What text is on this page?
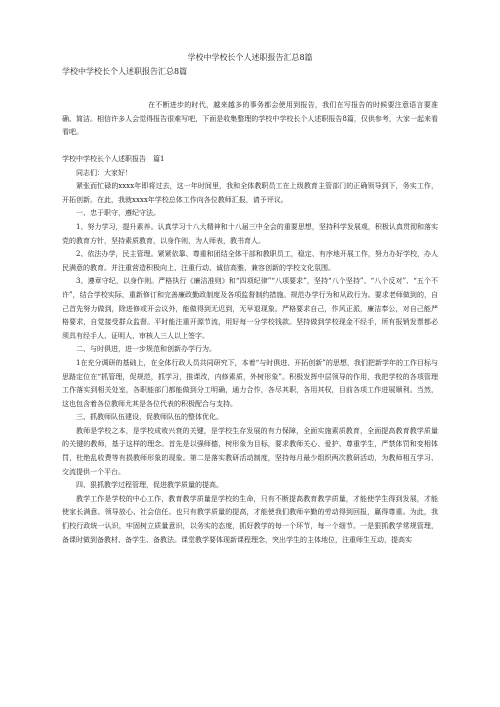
学校中学校长个人述职报告汇总8篇
学校中学校长个人述职报告汇总8篇

在不断进步的时代，越来越多的事务都会使用到报告，我们在写报告的时候要注意语言要准确、简洁。相信许多人会觉得报告很难写吧，下面是收集整理的学校中学校长个人述职报告8篇，仅供参考，大家一起来看看吧。

学校中学校长个人述职报告　篇1

同志们：大家好！

紧张而忙碌的xxxx年即将过去，这一年时间里，我和全体教职员工在上级教育主管部门的正确领导到下，务实工作，开拓创新。在此，我就xxxx年学校总体工作向各位教师汇报，请予评议。

一、忠于职守，遵纪守法。

1、努力学习，提升素养。认真学习十八大精神和十八届三中全会的重要思想，坚持科学发展观，积极认真贯彻和落实党的教育方针，坚持素质教育，以身作则，为人师表，教书育人。

2、依法办学，民主管理。紧紧依靠、尊重和团结全体干部和教职员工，稳定、有序地开展工作，努力办好学校，办人民满意的教育。并注重营造积极向上、注重行动、诚信高雅、兼容创新的学校文化氛围。

3、遵章守纪，以身作则。严格执行《廉洁准则》和“四项纪律”“八项要求”，坚持“八个坚持”、“八个反对”、“五个不许”，结合学校实际，重新修订和完善廉政勤政制度及各项监督制约措施。规范办学行为和从政行为。要求老师做到的，自己首先努力做到，除进修或开会议外，能做得到无迟到，无早退现象。严格要求自己，作风正派，廉洁奉公，对自己能严格要求，自觉接受群众监督。平时能注重开源节流，用好每一分学校钱款。坚持做到学校现金不经手，所有报销发票都必须具有经手人、证明人、审核人三人以上签字。

二、与时俱进，进一步规范和创新办学行为。

1在充分调研的基础上，在全体行政人员共同研究下，本着“与时俱进、开拓创新”的思想，我们把新学年的工作目标与思路定位在“抓管理，促规范，抓学习，推课改，内修素质，外树形象”。积极发挥中层领导的作用，我把学校的各项管理工作落实到相关处室，各职能部门都能做到分工明确，通力合作，各尽其职，各用其权，目前各项工作进展顺利。当然，这也包含着各位教师尤其是各位代表的积极配合与支持。

三、抓教师队伍建设，促教师队伍的整体优化。

教师是学校之本，是学校成败兴衰的关键，是学校生存发展的有力保障，全面实施素质教育，全面提高教育教学质量的关键的教师，基于这样的理念。首先是以强师德，树形象为目标，要求教师关心、爱护、尊重学生，严禁体罚和变相体罚，杜绝乱收费等有损教师形象的现象。第二是落实教研活动制度，坚持每月最少组织两次教研活动，为教师相互学习、交流提供一个平台。

四、狠抓教学过程管理，促进教学质量的提高。

教学工作是学校的中心工作，教育教学质量是学校的生命，只有不断提高教育教学质量，才能使学生得到发展，才能使家长满意、领导放心、社会信任。也只有教学质量的提高，才能使我们教师辛勤的劳动得到回报，赢得尊重。为此，我们校行政统一认识，牢固树立质量意识，以务实的态度，抓好教学的每一个环节，每一个细节。一是狠抓教学常规管理，备课时做到备教材、备学生、备教法。课堂教学要体现新课程理念，突出学生的主体地位，注重师生互动，提高实
